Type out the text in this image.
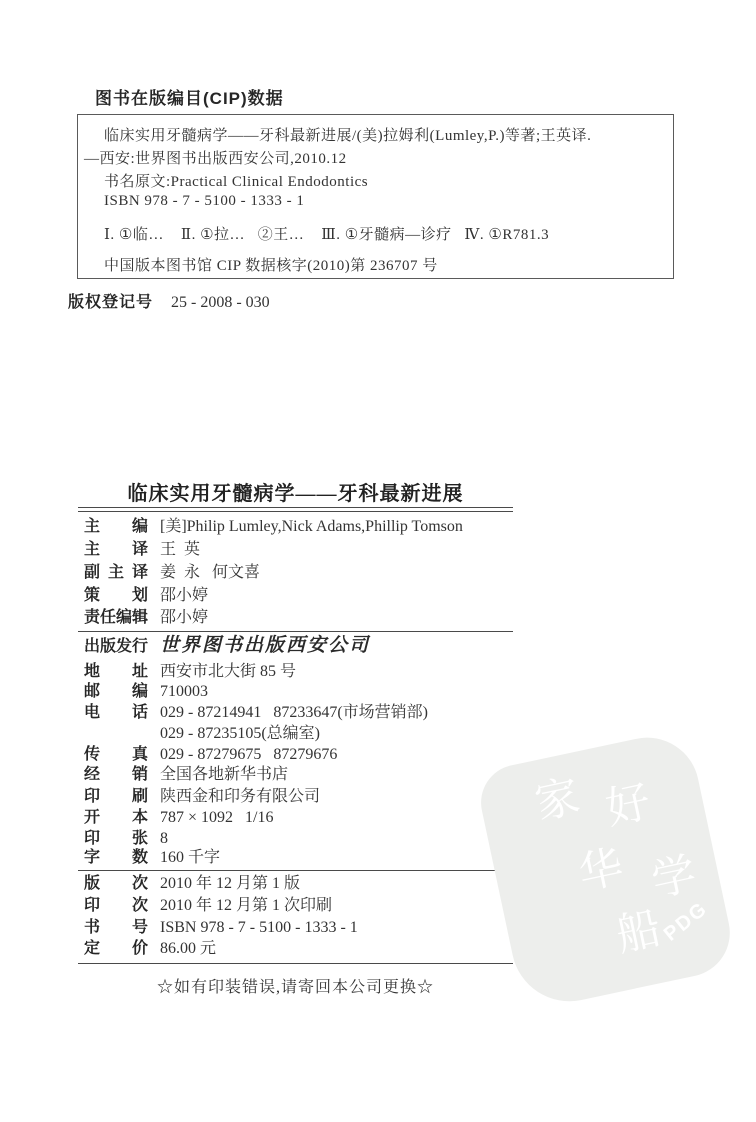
图书在版编目(CIP)数据
临床实用牙髓病学——牙科最新进展/(美)拉姆利(Lumley,P.)等著;王英译.
—西安:世界图书出版西安公司,2010.12
书名原文:Practical Clinical Endodontics
ISBN 978 - 7 - 5100 - 1333 - 1
Ⅰ. ①临…    Ⅱ. ①拉…   ②王…    Ⅲ. ①牙髓病—诊疗   Ⅳ. ①R781.3
中国版本图书馆 CIP 数据核字(2010)第 236707 号
版权登记号 25 - 2008 - 030
临床实用牙髓病学——牙科最新进展
主编 [美]Philip Lumley,Nick Adams,Phillip Tomson
主译 王  英
副主译 姜  永   何文喜
策划 邵小婷
责任编辑 邵小婷
出版发行 世界图书出版西安公司
地址 西安市北大街 85 号
邮编 710003
电话 029 - 87214941   87233647(市场营销部)
029 - 87235105(总编室)
传真 029 - 87279675   87279676
经销 全国各地新华书店
印刷 陕西金和印务有限公司
开本 787 × 1092   1/16
印张 8
字数 160 千字
版次 2010 年 12 月第 1 版
印次 2010 年 12 月第 1 次印刷
书号 ISBN 978 - 7 - 5100 - 1333 - 1
定价 86.00 元
☆如有印装错误,请寄回本公司更换☆
家 好
华 学
船
PDG
